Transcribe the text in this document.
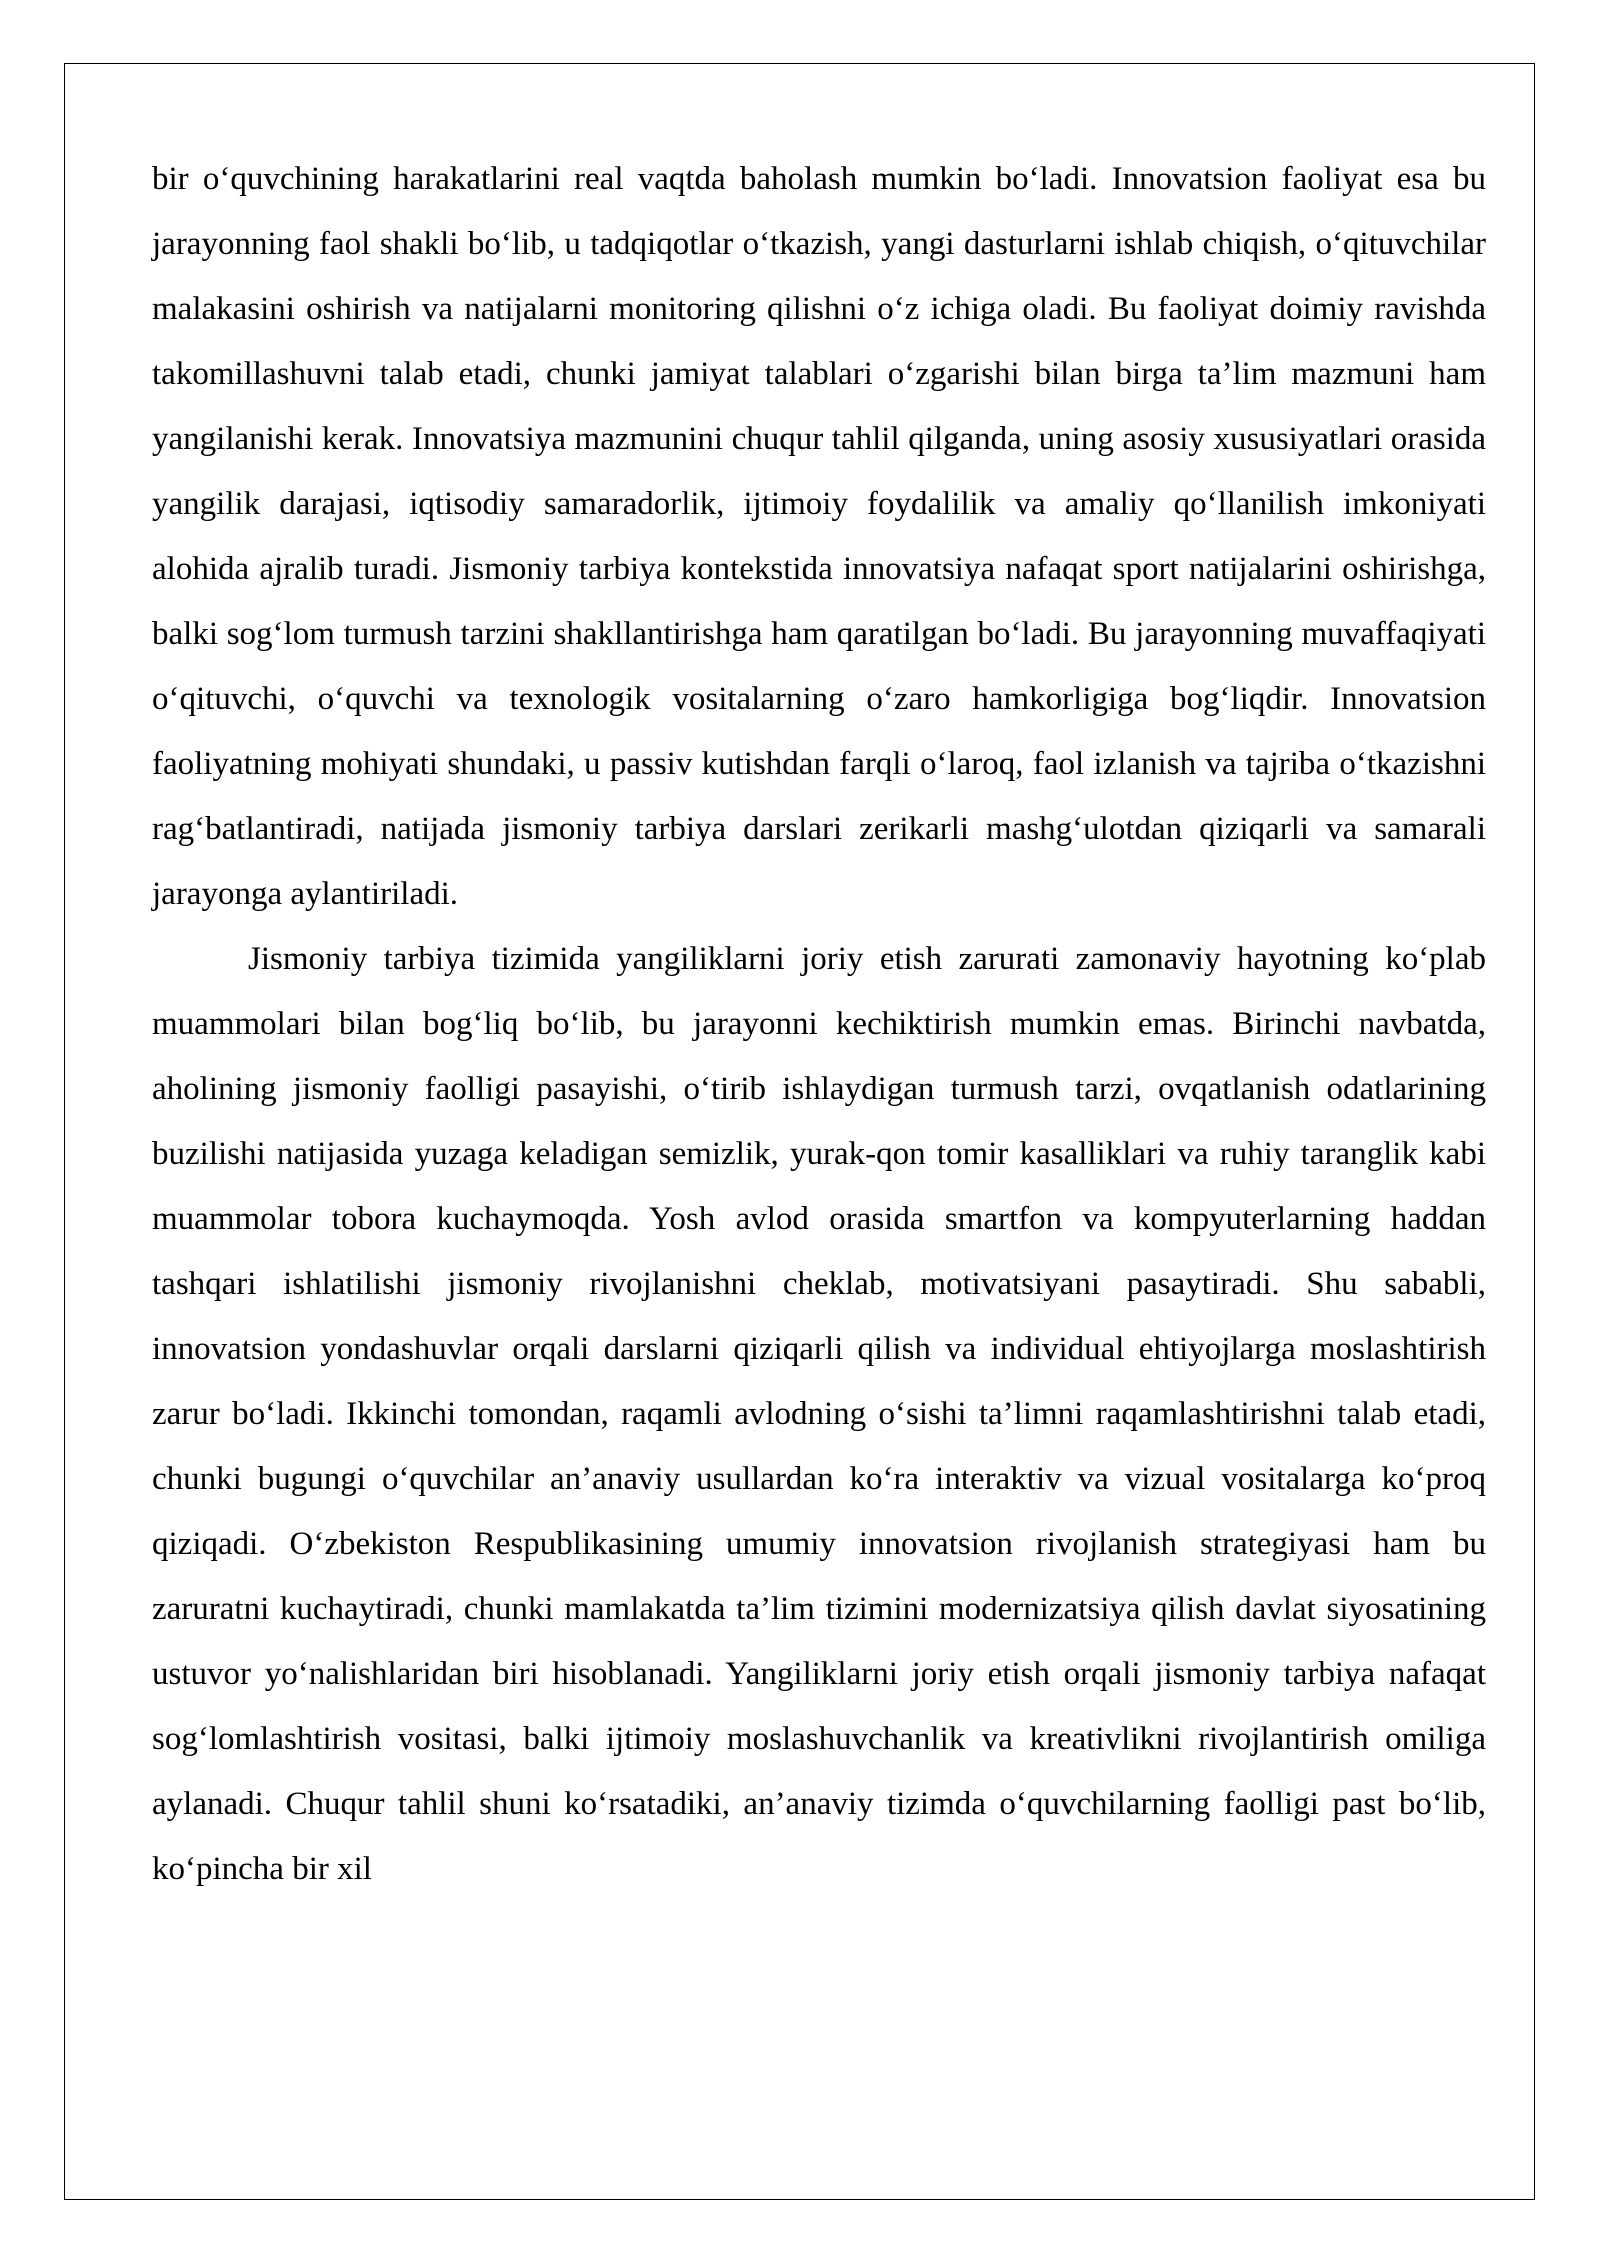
bir o‘quvchining harakatlarini real vaqtda baholash mumkin bo‘ladi. Innovatsion faoliyat esa bu jarayonning faol shakli bo‘lib, u tadqiqotlar o‘tkazish, yangi dasturlarni ishlab chiqish, o‘qituvchilar malakasini oshirish va natijalarni monitoring qilishni o‘z ichiga oladi. Bu faoliyat doimiy ravishda takomillashuvni talab etadi, chunki jamiyat talablari o‘zgarishi bilan birga ta’lim mazmuni ham yangilanishi kerak. Innovatsiya mazmunini chuqur tahlil qilganda, uning asosiy xususiyatlari orasida yangilik darajasi, iqtisodiy samaradorlik, ijtimoiy foydalilik va amaliy qo‘llanilish imkoniyati alohida ajralib turadi. Jismoniy tarbiya kontekstida innovatsiya nafaqat sport natijalarini oshirishga, balki sog‘lom turmush tarzini shakllantirishga ham qaratilgan bo‘ladi. Bu jarayonning muvaffaqiyati o‘qituvchi, o‘quvchi va texnologik vositalarning o‘zaro hamkorligiga bog‘liqdir. Innovatsion faoliyatning mohiyati shundaki, u passiv kutishdan farqli o‘laroq, faol izlanish va tajriba o‘tkazishni rag‘batlantiradi, natijada jismoniy tarbiya darslari zerikarli mashg‘ulotdan qiziqarli va samarali jarayonga aylantiriladi.

Jismoniy tarbiya tizimida yangiliklarni joriy etish zarurati zamonaviy hayotning ko‘plab muammolari bilan bog‘liq bo‘lib, bu jarayonni kechiktirish mumkin emas. Birinchi navbatda, aholining jismoniy faolligi pasayishi, o‘tirib ishlaydigan turmush tarzi, ovqatlanish odatlarining buzilishi natijasida yuzaga keladigan semizlik, yurak-qon tomir kasalliklari va ruhiy taranglik kabi muammolar tobora kuchaymoqda. Yosh avlod orasida smartfon va kompyuterlarning haddan tashqari ishlatilishi jismoniy rivojlanishni cheklab, motivatsiyani pasaytiradi. Shu sababli, innovatsion yondashuvlar orqali darslarni qiziqarli qilish va individual ehtiyojlarga moslashtirish zarur bo‘ladi. Ikkinchi tomondan, raqamli avlodning o‘sishi ta’limni raqamlashtirishni talab etadi, chunki bugungi o‘quvchilar an’anaviy usullardan ko‘ra interaktiv va vizual vositalarga ko‘proq qiziqadi. O‘zbekiston Respublikasining umumiy innovatsion rivojlanish strategiyasi ham bu zaruratni kuchaytiradi, chunki mamlakatda ta’lim tizimini modernizatsiya qilish davlat siyosatining ustuvor yo‘nalishlaridan biri hisoblanadi. Yangiliklarni joriy etish orqali jismoniy tarbiya nafaqat sog‘lomlashtirish vositasi, balki ijtimoiy moslashuvchanlik va kreativlikni rivojlantirish omiliga aylanadi. Chuqur tahlil shuni ko‘rsatadiki, an’anaviy tizimda o‘quvchilarning faolligi past bo‘lib, ko‘pincha bir xil
